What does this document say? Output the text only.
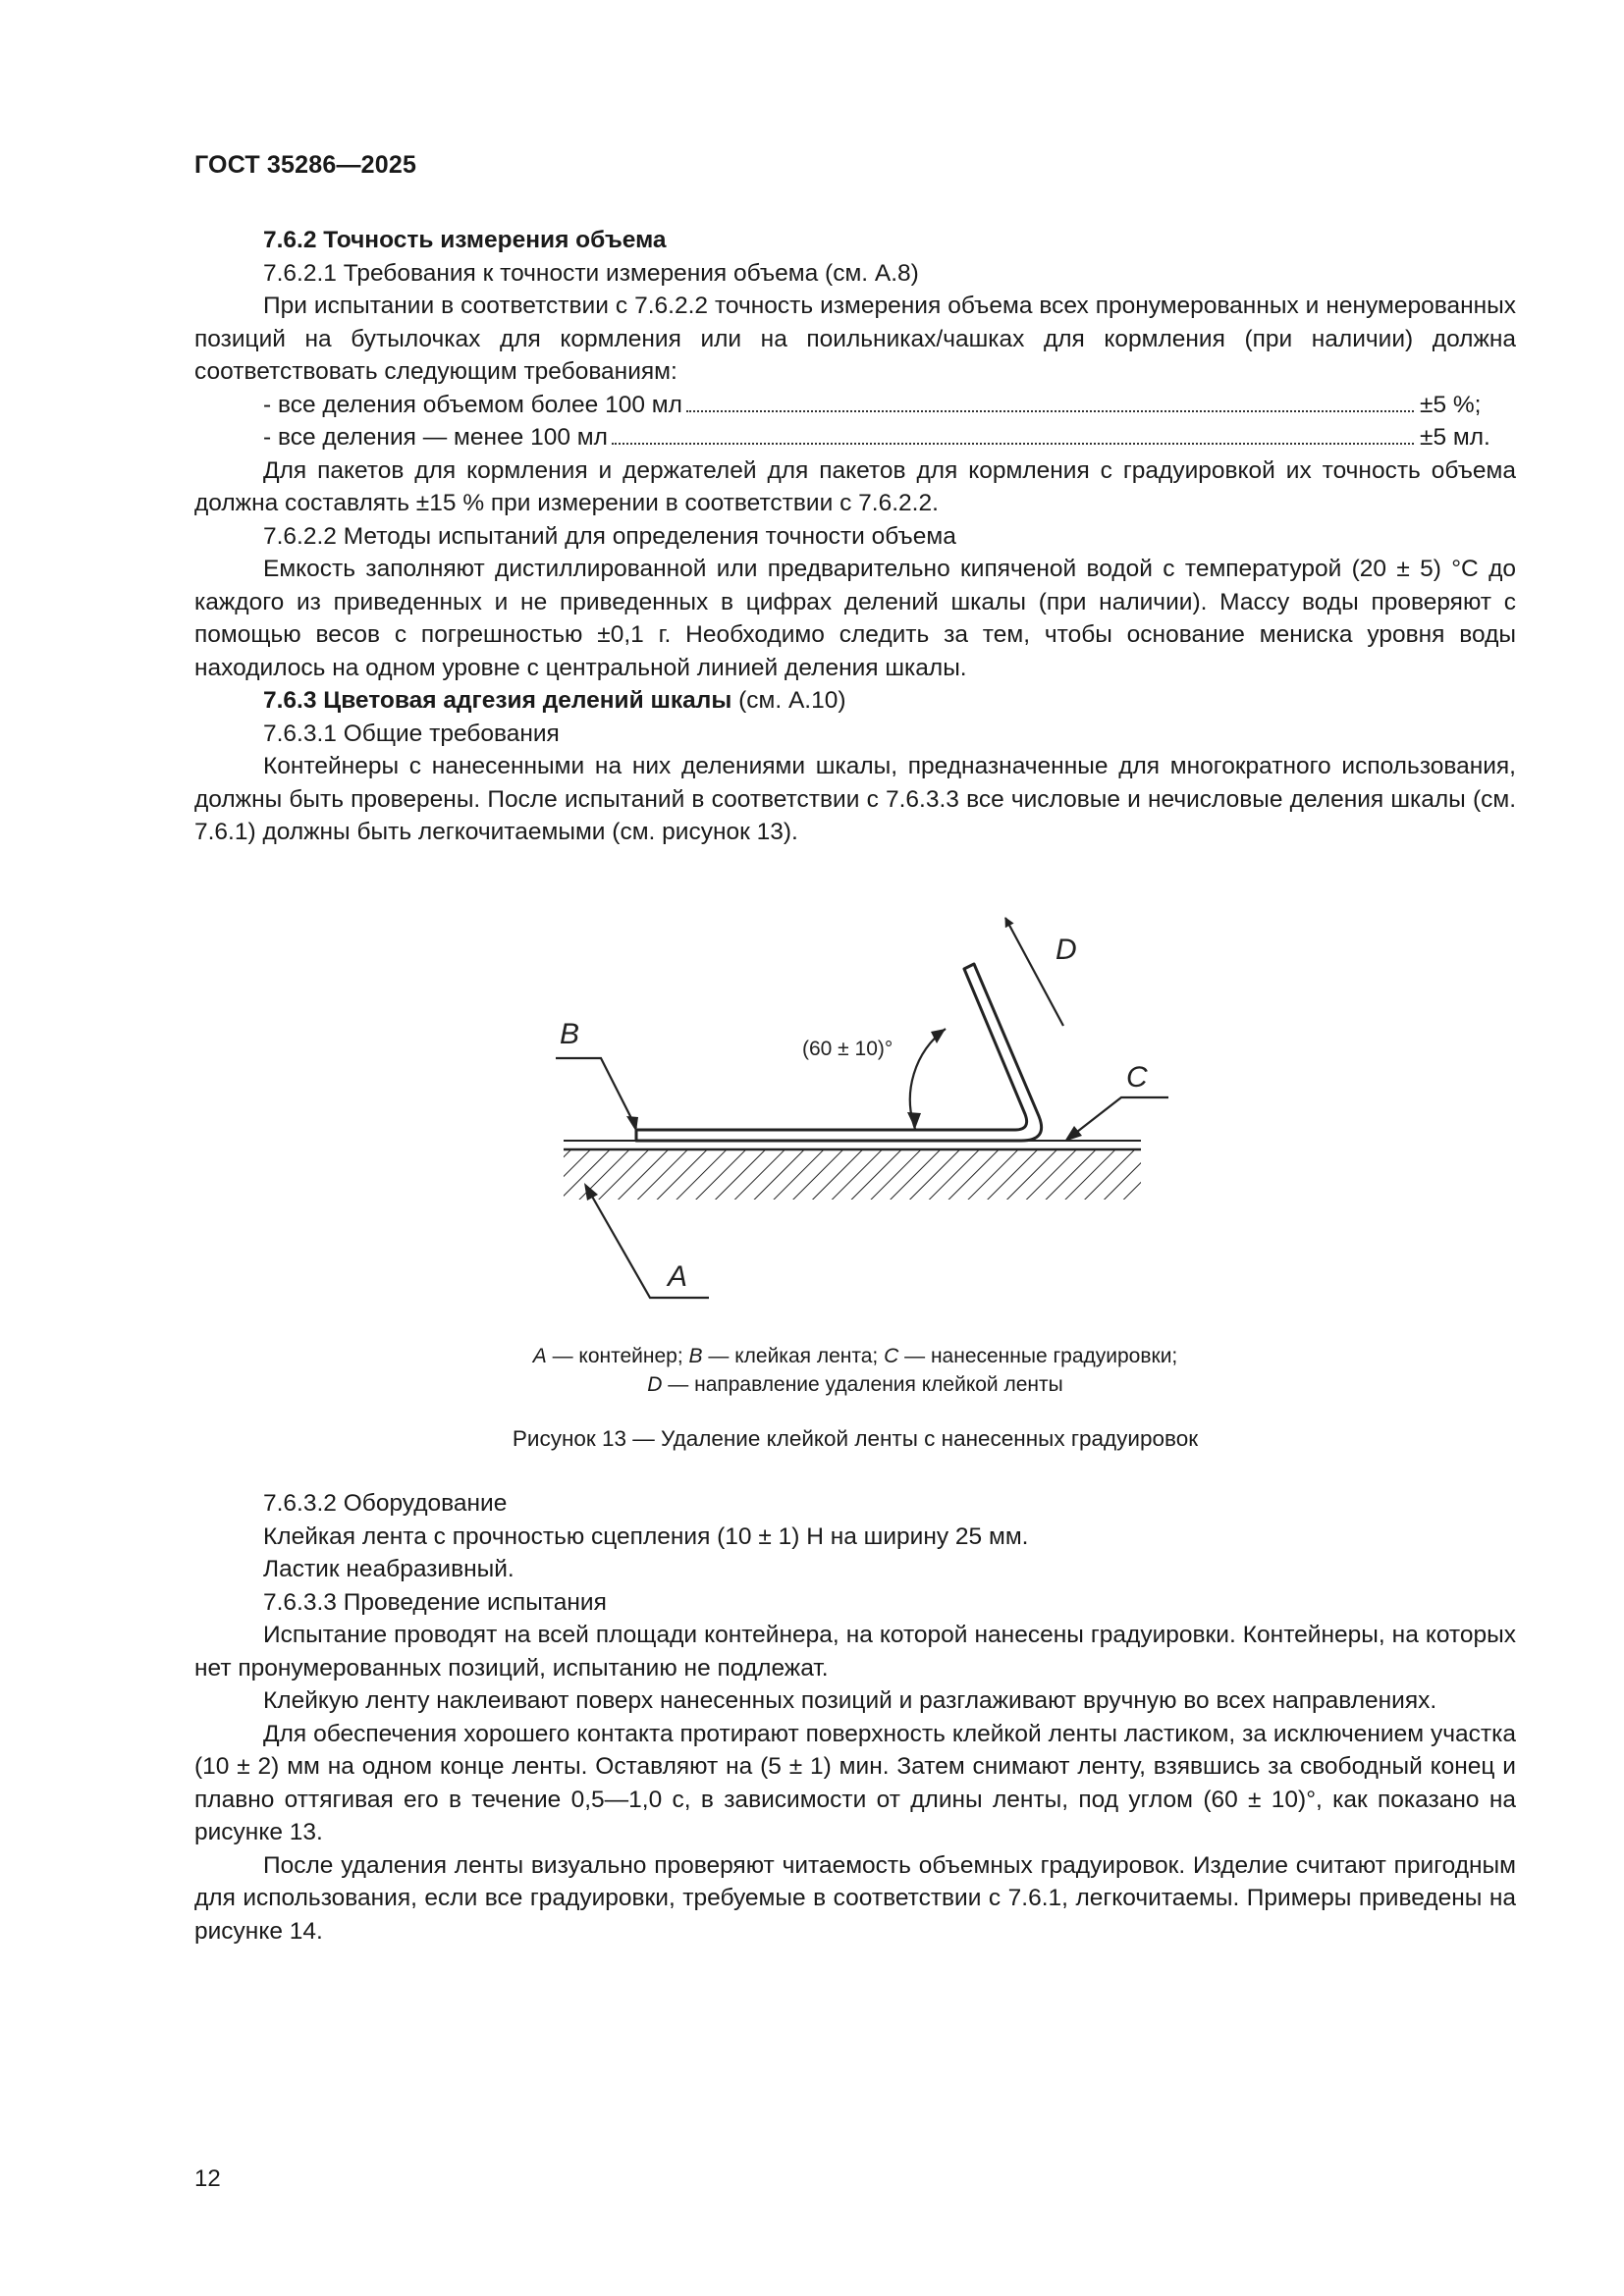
ГОСТ 35286—2025

7.6.2 Точность измерения объема

7.6.2.1 Требования к точности измерения объема (см. А.8)

При испытании в соответствии с 7.6.2.2 точность измерения объема всех пронумерованных и ненумерованных позиций на бутылочках для кормления или на поильниках/чашках для кормления (при наличии) должна соответствовать следующим требованиям:

- все деления объемом более 100 мл	±5 %;
- все деления — менее 100 мл	±5 мл.

Для пакетов для кормления и держателей для пакетов для кормления с градуировкой их точность объема должна составлять ±15 % при измерении в соответствии с 7.6.2.2.

7.6.2.2 Методы испытаний для определения точности объема

Емкость заполняют дистиллированной или предварительно кипяченой водой с температурой (20 ± 5) °С до каждого из приведенных и не приведенных в цифрах делений шкалы (при наличии). Массу воды проверяют с помощью весов с погрешностью ±0,1 г. Необходимо следить за тем, чтобы основание мениска уровня воды находилось на одном уровне с центральной линией деления шкалы.

7.6.3 Цветовая адгезия делений шкалы (см. А.10)

7.6.3.1 Общие требования

Контейнеры с нанесенными на них делениями шкалы, предназначенные для многократного использования, должны быть проверены. После испытаний в соответствии с 7.6.3.3 все числовые и нечисловые деления шкалы (см. 7.6.1) должны быть легкочитаемыми (см. рисунок 13).

(60 ± 10)°
D
B
C
A
A — контейнер; B — клейкая лента; C — нанесенные градуировки;
D — направление удаления клейкой ленты
Рисунок 13 — Удаление клейкой ленты с нанесенных градуировок

7.6.3.2 Оборудование

Клейкая лента с прочностью сцепления (10 ± 1) Н на ширину 25 мм.

Ластик неабразивный.

7.6.3.3 Проведение испытания

Испытание проводят на всей площади контейнера, на которой нанесены градуировки. Контейнеры, на которых нет пронумерованных позиций, испытанию не подлежат.

Клейкую ленту наклеивают поверх нанесенных позиций и разглаживают вручную во всех направлениях.

Для обеспечения хорошего контакта протирают поверхность клейкой ленты ластиком, за исключением участка (10 ± 2) мм на одном конце ленты. Оставляют на (5 ± 1) мин. Затем снимают ленту, взявшись за свободный конец и плавно оттягивая его в течение 0,5—1,0 с, в зависимости от длины ленты, под углом (60 ± 10)°, как показано на рисунке 13.

После удаления ленты визуально проверяют читаемость объемных градуировок. Изделие считают пригодным для использования, если все градуировки, требуемые в соответствии с 7.6.1, легкочитаемы. Примеры приведены на рисунке 14.

12
